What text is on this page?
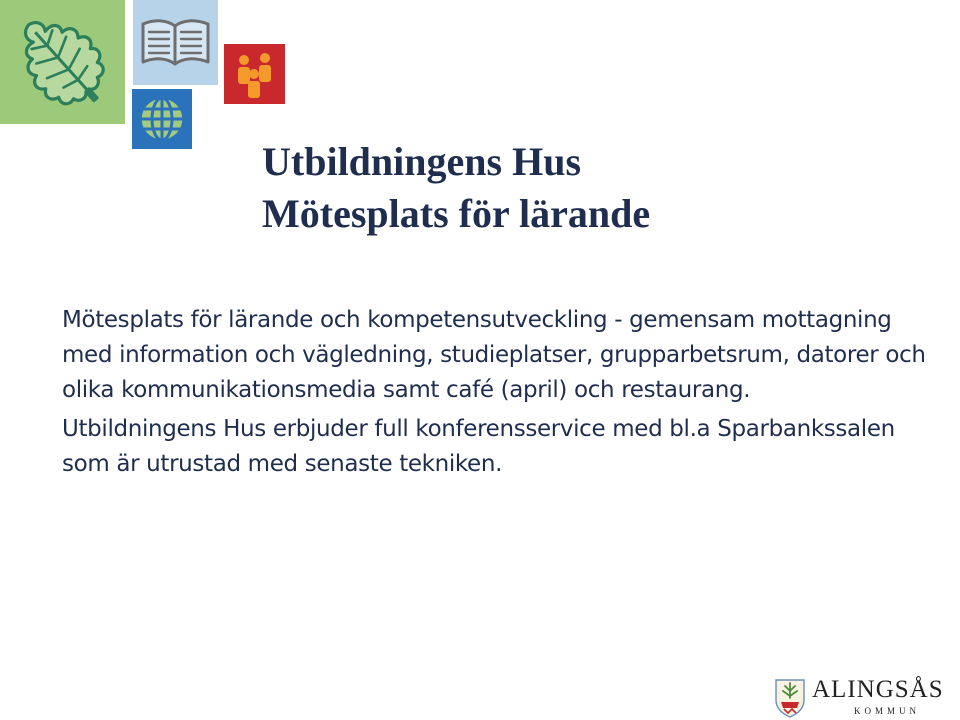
Utbildningens Hus
Mötesplats för lärande

Mötesplats för lärande och kompetensutveckling - gemensam mottagning med information och vägledning, studieplatser, grupparbetsrum, datorer och olika kommunikationsmedia samt café (april) och restaurang.

Utbildningens Hus erbjuder full konferensservice med bl.a Sparbankssalen som är utrustad med senaste tekniken.

ALINGSÅS
KOMMUN
